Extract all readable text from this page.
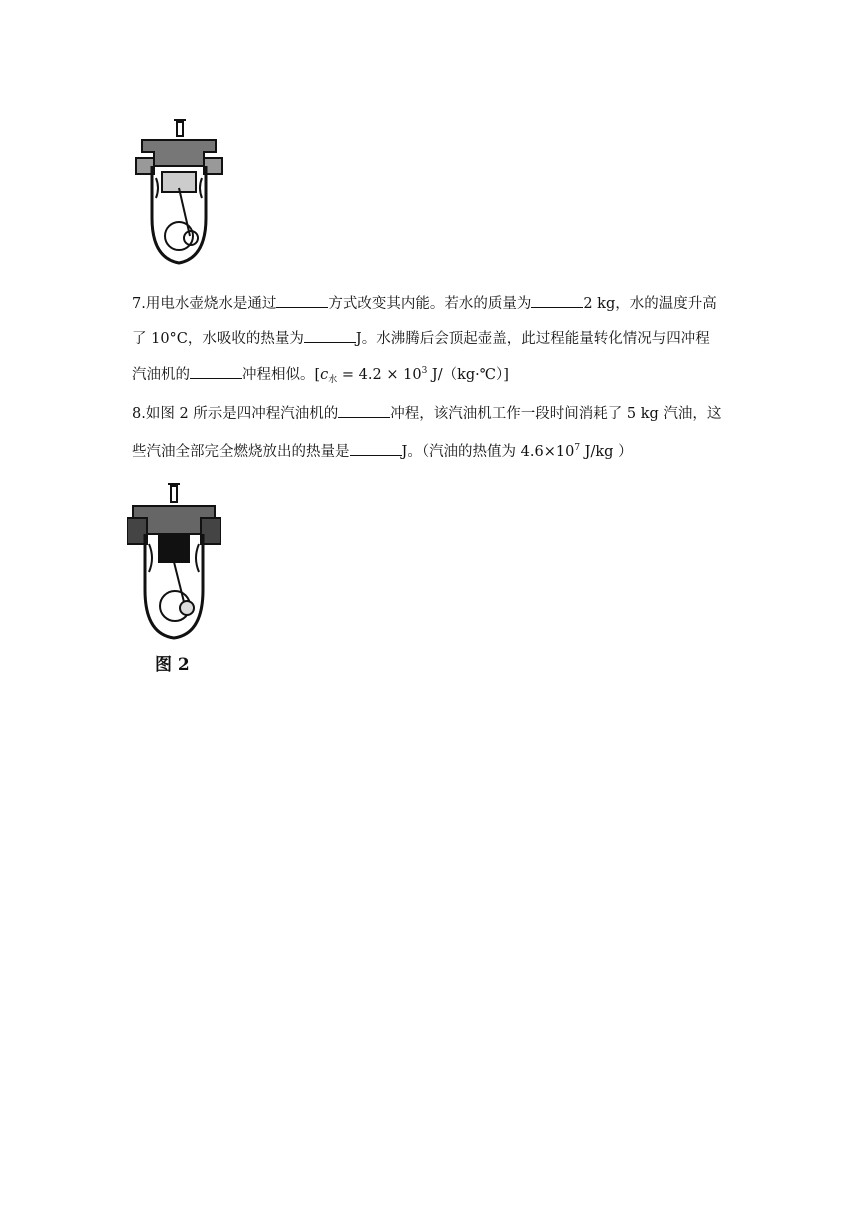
7.用电水壶烧水是通过	方式改变其内能。若水的质量为	2 kg，水的温度升高
了 10°C，水吸收的热量为	J。水沸腾后会顶起壶盖，此过程能量转化情况与四冲程
汽油机的	冲程相似。[$c_水 = 4.2 \times 10^3$ J/（kg·℃）]
8.如图 2 所示是四冲程汽油机的	冲程，该汽油机工作一段时间消耗了 5 kg 汽油，这
些汽油全部完全燃烧放出的热量是	J。（汽油的热值为 $4.6\times 10^7$ J/kg ）
图 2
